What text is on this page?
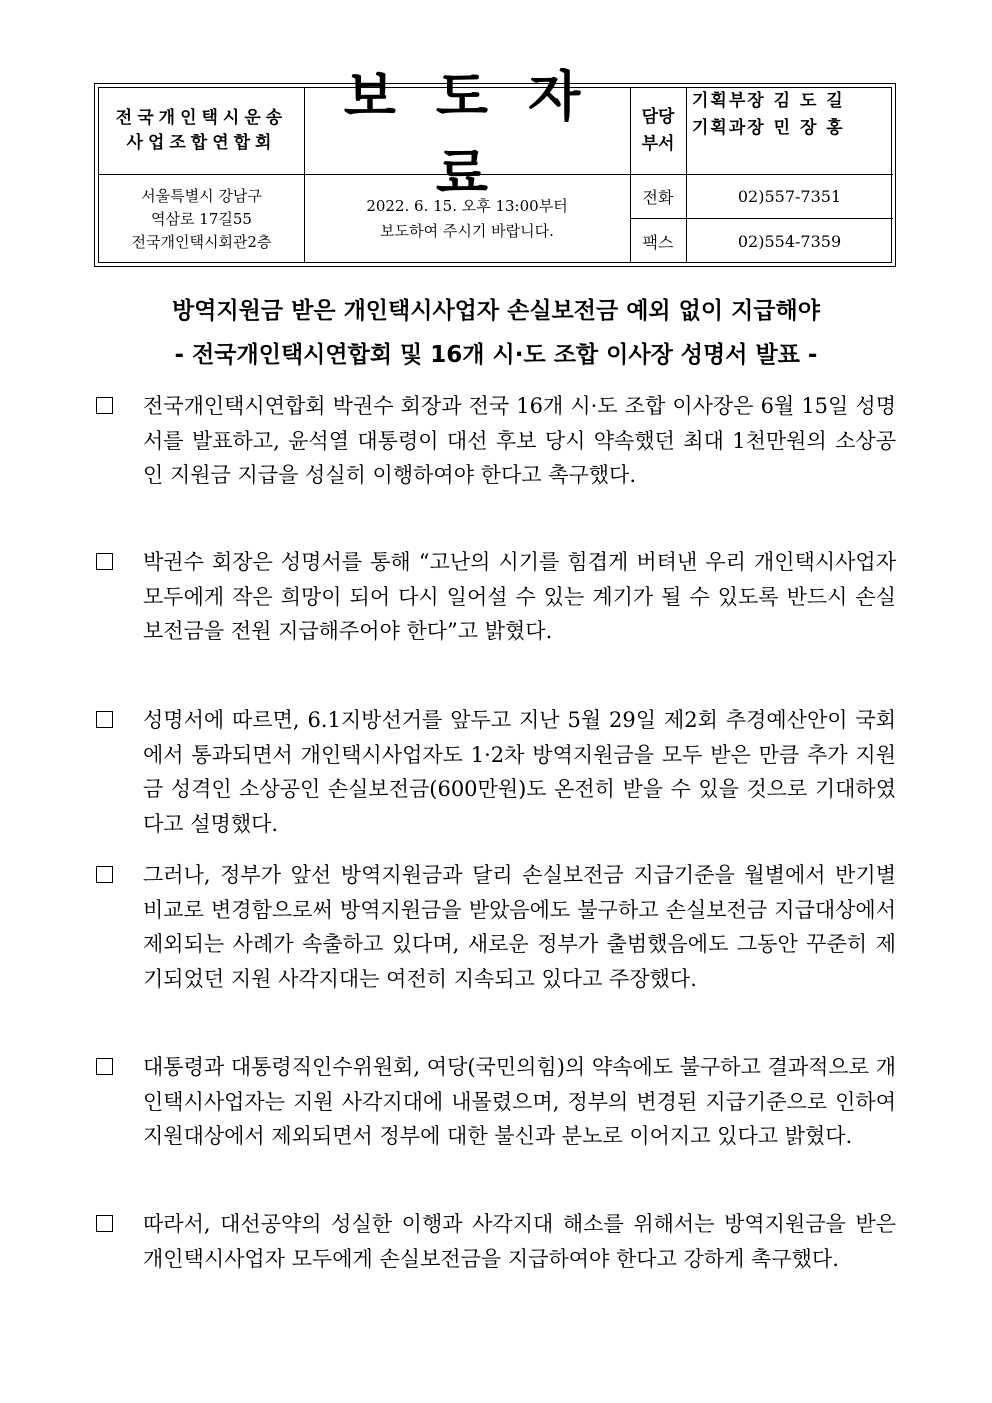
전국개인택시운송
사업조합연합회
보도자료
담당
부서
기획부장 김 도 길
기획과장 민 장 홍
서울특별시 강남구
역삼로 17길55
전국개인택시회관2층
2022. 6. 15. 오후 13:00부터
보도하여 주시기 바랍니다.
전화	02)557-7351
팩스	02)554-7359
방역지원금 받은 개인택시사업자 손실보전금 예외 없이 지급해야
- 전국개인택시연합회 및 16개 시·도 조합 이사장 성명서 발표 -
전국개인택시연합회 박권수 회장과 전국 16개 시·도 조합 이사장은 6월 15일 성명서를 발표하고, 윤석열 대통령이 대선 후보 당시 약속했던 최대 1천만원의 소상공인 지원금 지급을 성실히 이행하여야 한다고 촉구했다.
박권수 회장은 성명서를 통해 “고난의 시기를 힘겹게 버텨낸 우리 개인택시사업자 모두에게 작은 희망이 되어 다시 일어설 수 있는 계기가 될 수 있도록 반드시 손실보전금을 전원 지급해주어야 한다”고 밝혔다.
성명서에 따르면, 6.1지방선거를 앞두고 지난 5월 29일 제2회 추경예산안이 국회에서 통과되면서 개인택시사업자도 1·2차 방역지원금을 모두 받은 만큼 추가 지원금 성격인 소상공인 손실보전금(600만원)도 온전히 받을 수 있을 것으로 기대하였다고 설명했다.
그러나, 정부가 앞선 방역지원금과 달리 손실보전금 지급기준을 월별에서 반기별 비교로 변경함으로써 방역지원금을 받았음에도 불구하고 손실보전금 지급대상에서 제외되는 사례가 속출하고 있다며, 새로운 정부가 출범했음에도 그동안 꾸준히 제기되었던 지원 사각지대는 여전히 지속되고 있다고 주장했다.
대통령과 대통령직인수위원회, 여당(국민의힘)의 약속에도 불구하고 결과적으로 개인택시사업자는 지원 사각지대에 내몰렸으며, 정부의 변경된 지급기준으로 인하여 지원대상에서 제외되면서 정부에 대한 불신과 분노로 이어지고 있다고 밝혔다.
따라서, 대선공약의 성실한 이행과 사각지대 해소를 위해서는 방역지원금을 받은 개인택시사업자 모두에게 손실보전금을 지급하여야 한다고 강하게 촉구했다.
